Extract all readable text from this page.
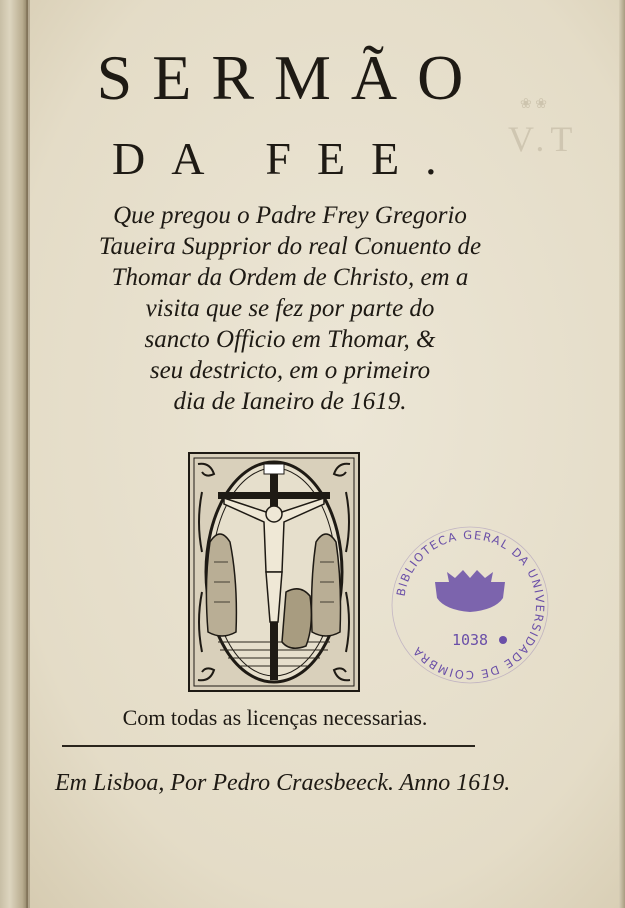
V.T
❀ ❀
SERMÃO
DA FEE.
Que pregou o Padre Frey Gregorio
Taueira Supprior do real Conuento de
Thomar da Ordem de Christo, em a
visita que se fez por parte do
sancto Officio em Thomar, &
seu destricto, em o primeiro
dia de Ianeiro de 1619.
BIBLIOTECA GERAL DA UNIVERSIDADE DE COIMBRA
1038
Com todas as licenças necessarias.
Em Lisboa, Por Pedro Craesbeeck. Anno 1619.
